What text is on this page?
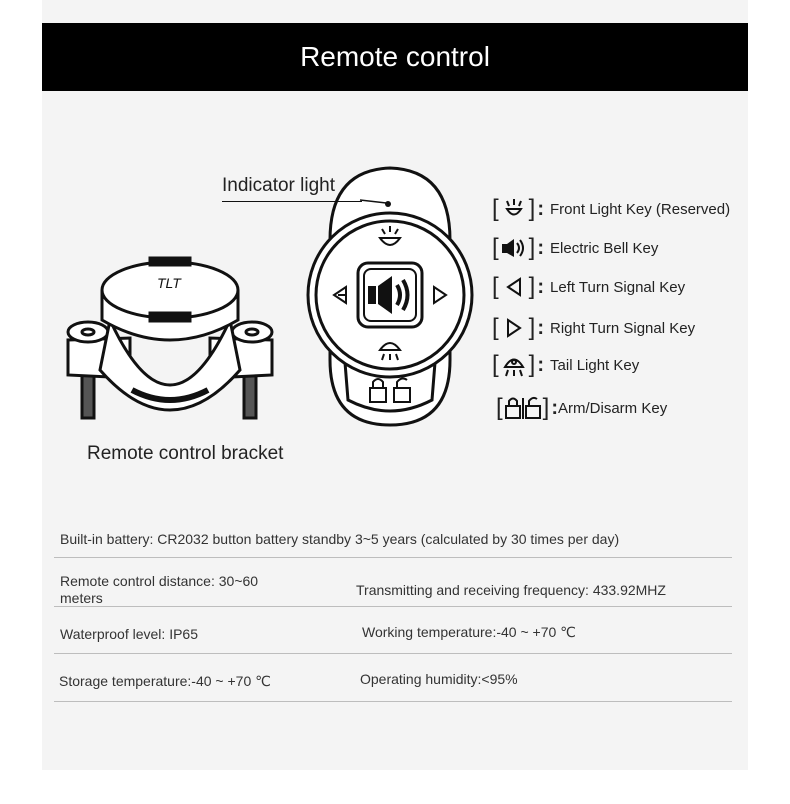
Remote control
TLT
Indicator light
Remote control bracket
[ ] : Front Light Key (Reserved)
[ ] : Electric Bell Key
[ ] : Left Turn Signal Key
[ ] : Right Turn Signal Key
[ ] : Tail Light Key
[ ] : Arm/Disarm Key
Built-in battery: CR2032 button battery standby 3~5 years (calculated by 30 times per day)
Remote control distance: 30~60
meters	Transmitting and receiving frequency: 433.92MHZ
Waterproof level: IP65	Working temperature:-40 ~ +70 ℃
Storage temperature:-40 ~ +70 ℃	Operating humidity:<95%
